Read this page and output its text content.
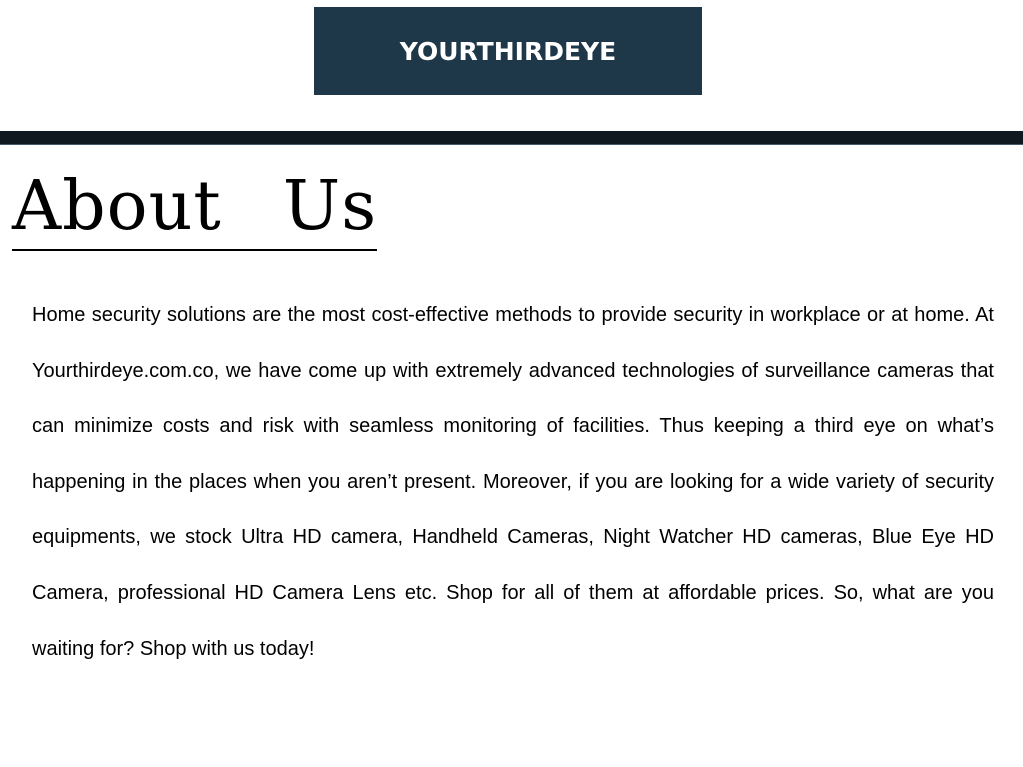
YOURTHIRDEYE
About  Us

Home security solutions are the most cost-effective methods to provide security in workplace or at home. At Yourthirdeye.com.co, we have come up with extremely advanced technologies of surveillance cameras that can minimize costs and risk with seamless monitoring of facilities. Thus keeping a third eye on what’s happening in the places when you aren’t present. Moreover, if you are looking for a wide variety of security equipments, we stock Ultra HD camera, Handheld Cameras, Night Watcher HD cameras, Blue Eye HD Camera, professional HD Camera Lens etc. Shop for all of them at affordable prices. So, what are you waiting for? Shop with us today!
